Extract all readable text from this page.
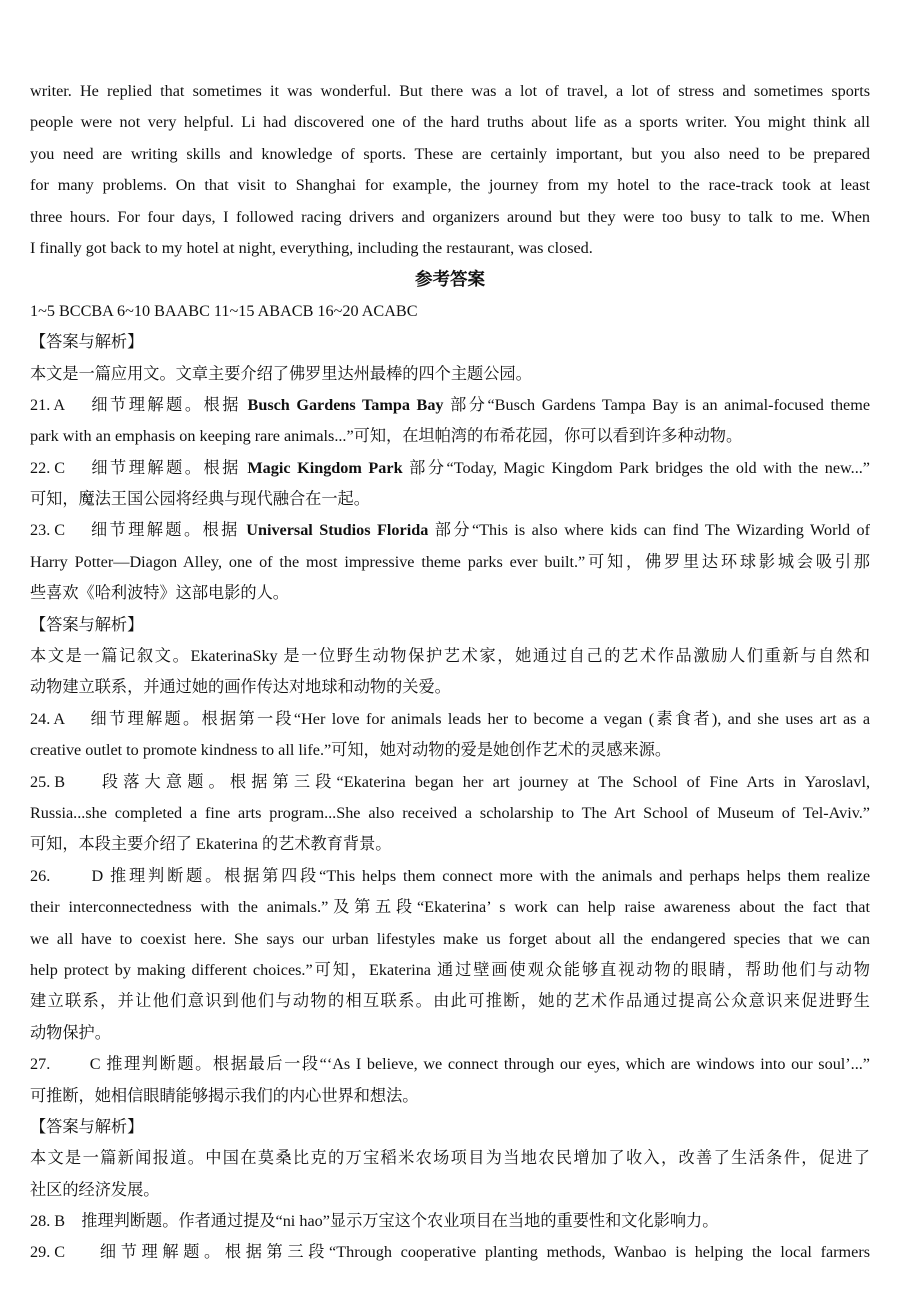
writer. He replied that sometimes it was wonderful. But there was a lot of travel, a lot of stress and sometimes sports
people were not very helpful. Li had discovered one of the hard truths about life as a sports writer. You might think all
you need are writing skills and knowledge of sports. These are certainly important, but you also need to be prepared
for many problems. On that visit to Shanghai for example, the journey from my hotel to the race-track took at least
three hours. For four days, I followed racing drivers and organizers around but they were too busy to talk to me. When
I finally got back to my hotel at night, everything, including the restaurant, was closed.
参考答案
1~5 BCCBA 6~10 BAABC 11~15 ABACB 16~20 ACABC
【答案与解析】
本文是一篇应用文。文章主要介绍了佛罗里达州最棒的四个主题公园。
21. A 细节理解题。根据 Busch Gardens Tampa Bay 部分“Busch Gardens Tampa Bay is an animal-focused theme
park with an emphasis on keeping rare animals...”可知，在坦帕湾的布希花园，你可以看到许多种动物。
22. C 细节理解题。根据 Magic Kingdom Park 部分“Today, Magic Kingdom Park bridges the old with the new...”
可知，魔法王国公园将经典与现代融合在一起。
23. C 细节理解题。根据 Universal Studios Florida 部分“This is also where kids can find The Wizarding World of
Harry Potter—Diagon Alley, one of the most impressive theme parks ever built.”可知，佛罗里达环球影城会吸引那
些喜欢《哈利波特》这部电影的人。
【答案与解析】
本文是一篇记叙文。EkaterinaSky 是一位野生动物保护艺术家，她通过自己的艺术作品激励人们重新与自然和
动物建立联系，并通过她的画作传达对地球和动物的关爱。
24. A 细节理解题。根据第一段“Her love for animals leads her to become a vegan (素食者), and she uses art as a
creative outlet to promote kindness to all life.”可知，她对动物的爱是她创作艺术的灵感来源。
25. B 段落大意题。根据第三段“Ekaterina began her art journey at The School of Fine Arts in Yaroslavl,
Russia...she completed a fine arts program...She also received a scholarship to The Art School of Museum of Tel-Aviv.”
可知，本段主要介绍了 Ekaterina 的艺术教育背景。
26.	D 推理判断题。根据第四段“This helps them connect more with the animals and perhaps helps them realize
their interconnectedness with the animals.”及第五段“Ekaterina’ s work can help raise awareness about the fact that
we all have to coexist here. She says our urban lifestyles make us forget about all the endangered species that we can
help protect by making different choices.”可知，Ekaterina 通过壁画使观众能够直视动物的眼睛，帮助他们与动物
建立联系，并让他们意识到他们与动物的相互联系。由此可推断，她的艺术作品通过提高公众意识来促进野生
动物保护。
27. C 推理判断题。根据最后一段“‘As I believe, we connect through our eyes, which are windows into our soul’...”
可推断，她相信眼睛能够揭示我们的内心世界和想法。
【答案与解析】
本文是一篇新闻报道。中国在莫桑比克的万宝稻米农场项目为当地农民增加了收入，改善了生活条件，促进了
社区的经济发展。
28. B 推理判断题。作者通过提及“ni hao”显示万宝这个农业项目在当地的重要性和文化影响力。
29. C 细节理解题。根据第三段“Through cooperative planting methods, Wanbao is helping the local farmers
